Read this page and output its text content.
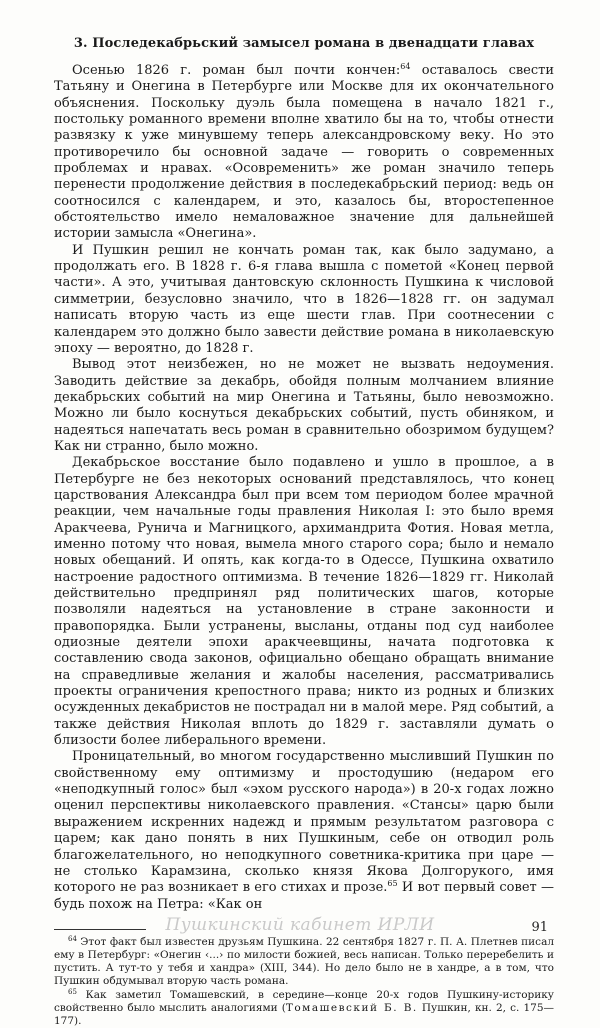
3. Последекабрьский замысел романа в двенадцати главах

Осенью 1826 г. роман был почти кончен:$^{64}$ оставалось свести Татьяну и Онегина в Петербурге или Москве для их окончательного объяснения. Поскольку дуэль была помещена в начало 1821 г., постольку романного времени вполне хватило бы на то, чтобы отнести развязку к уже минувшему теперь александровскому веку. Но это противоречило бы основной задаче — говорить о современных проблемах и нравах. «Осовременить» же роман значило теперь перенести продолжение действия в последекабрьский период: ведь он соотносился с календарем, и это, казалось бы, второстепенное обстоятельство имело немаловажное значение для дальнейшей истории замысла «Онегина».

И Пушкин решил не кончать роман так, как было задумано, а продолжать его. В 1828 г. 6-я глава вышла с пометой «Конец первой части». А это, учитывая дантовскую склонность Пушкина к числовой симметрии, безусловно значило, что в 1826—1828 гг. он задумал написать вторую часть из еще шести глав. При соотнесении с календарем это должно было завести действие романа в николаевскую эпоху — вероятно, до 1828 г.

Вывод этот неизбежен, но не может не вызвать недоумения. Заводить действие за декабрь, обойдя полным молчанием влияние декабрьских событий на мир Онегина и Татьяны, было невозможно. Можно ли было коснуться декабрьских событий, пусть обиняком, и надеяться напечатать весь роман в сравнительно обозримом будущем? Как ни странно, было можно.

Декабрьское восстание было подавлено и ушло в прошлое, а в Петербурге не без некоторых оснований представлялось, что конец царствования Александра был при всем том периодом более мрачной реакции, чем начальные годы правления Николая I: это было время Аракчеева, Рунича и Магницкого, архимандрита Фотия. Новая метла, именно потому что новая, вымела много старого сора; было и немало новых обещаний. И опять, как когда-то в Одессе, Пушкина охватило настроение радостного оптимизма. В течение 1826—1829 гг. Николай действительно предпринял ряд политических шагов, которые позволяли надеяться на установление в стране законности и правопорядка. Были устранены, высланы, отданы под суд наиболее одиозные деятели эпохи аракчеевщины, начата подготовка к составлению свода законов, официально обещано обращать внимание на справедливые желания и жалобы населения, рассматривались проекты ограничения крепостного права; никто из родных и близких осужденных декабристов не пострадал ни в малой мере. Ряд событий, а также действия Николая вплоть до 1829 г. заставляли думать о близости более либерального времени.

Проницательный, во многом государственно мысливший Пушкин по свойственному ему оптимизму и простодушию (недаром его «неподкупный голос» был «эхом русского народа») в 20-х годах ложно оценил перспективы николаевского правления. «Стансы» царю были выражением искренних надежд и прямым результатом разговора с царем; как дано понять в них Пушкиным, себе он отводил роль благожелательного, но неподкупного советника-критика при царе — не столько Карамзина, сколько князя Якова Долгорукого, имя которого не раз возникает в его стихах и прозе.$^{65}$ И вот первый совет — будь похож на Петра: «Как он

$^{64}$ Этот факт был известен друзьям Пушкина. 22 сентября 1827 г. П. А. Плетнев писал ему в Петербург: «Онегин ‹...› по милости божией, весь написан. Только переребелить и пустить. А тут-то у тебя и хандра» (XIII, 344). Но дело было не в хандре, а в том, что Пушкин обдумывал вторую часть романа.

$^{65}$ Как заметил Томашевский, в середине—конце 20-х годов Пушкину-историку свойственно было мыслить аналогиями (Томашевский Б. В. Пушкин, кн. 2, с. 175—177).

Пушкинский кабинет ИРЛИ	91
